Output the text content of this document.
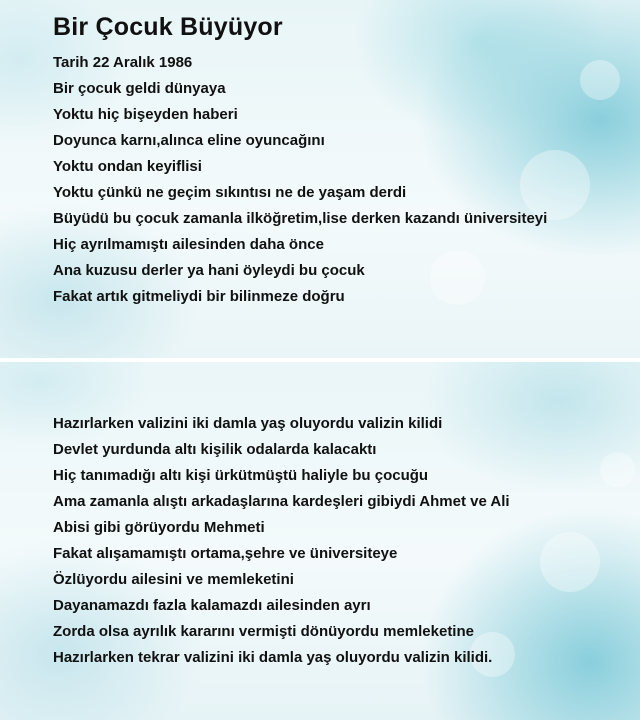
Bir Çocuk Büyüyor

Tarih 22 Aralık 1986

Bir çocuk geldi dünyaya

Yoktu hiç bişeyden haberi

Doyunca karnı,alınca eline oyuncağını

Yoktu ondan keyiflisi

Yoktu çünkü ne geçim sıkıntısı ne de yaşam derdi

Büyüdü bu çocuk zamanla ilköğretim,lise derken kazandı üniversiteyi

Hiç ayrılmamıştı ailesinden daha önce

Ana kuzusu derler ya hani öyleydi bu çocuk

Fakat artık gitmeliydi bir bilinmeze doğru

Hazırlarken valizini iki damla yaş oluyordu valizin kilidi

Devlet yurdunda altı kişilik odalarda kalacaktı

Hiç tanımadığı altı kişi ürkütmüştü haliyle bu çocuğu

Ama zamanla alıştı arkadaşlarına kardeşleri gibiydi Ahmet ve Ali

Abisi gibi görüyordu Mehmeti

Fakat alışamamıştı ortama,şehre ve üniversiteye

Özlüyordu ailesini ve memleketini

Dayanamazdı fazla kalamazdı ailesinden ayrı

Zorda olsa ayrılık kararını vermişti dönüyordu memleketine

Hazırlarken tekrar valizini iki damla yaş oluyordu valizin kilidi.
